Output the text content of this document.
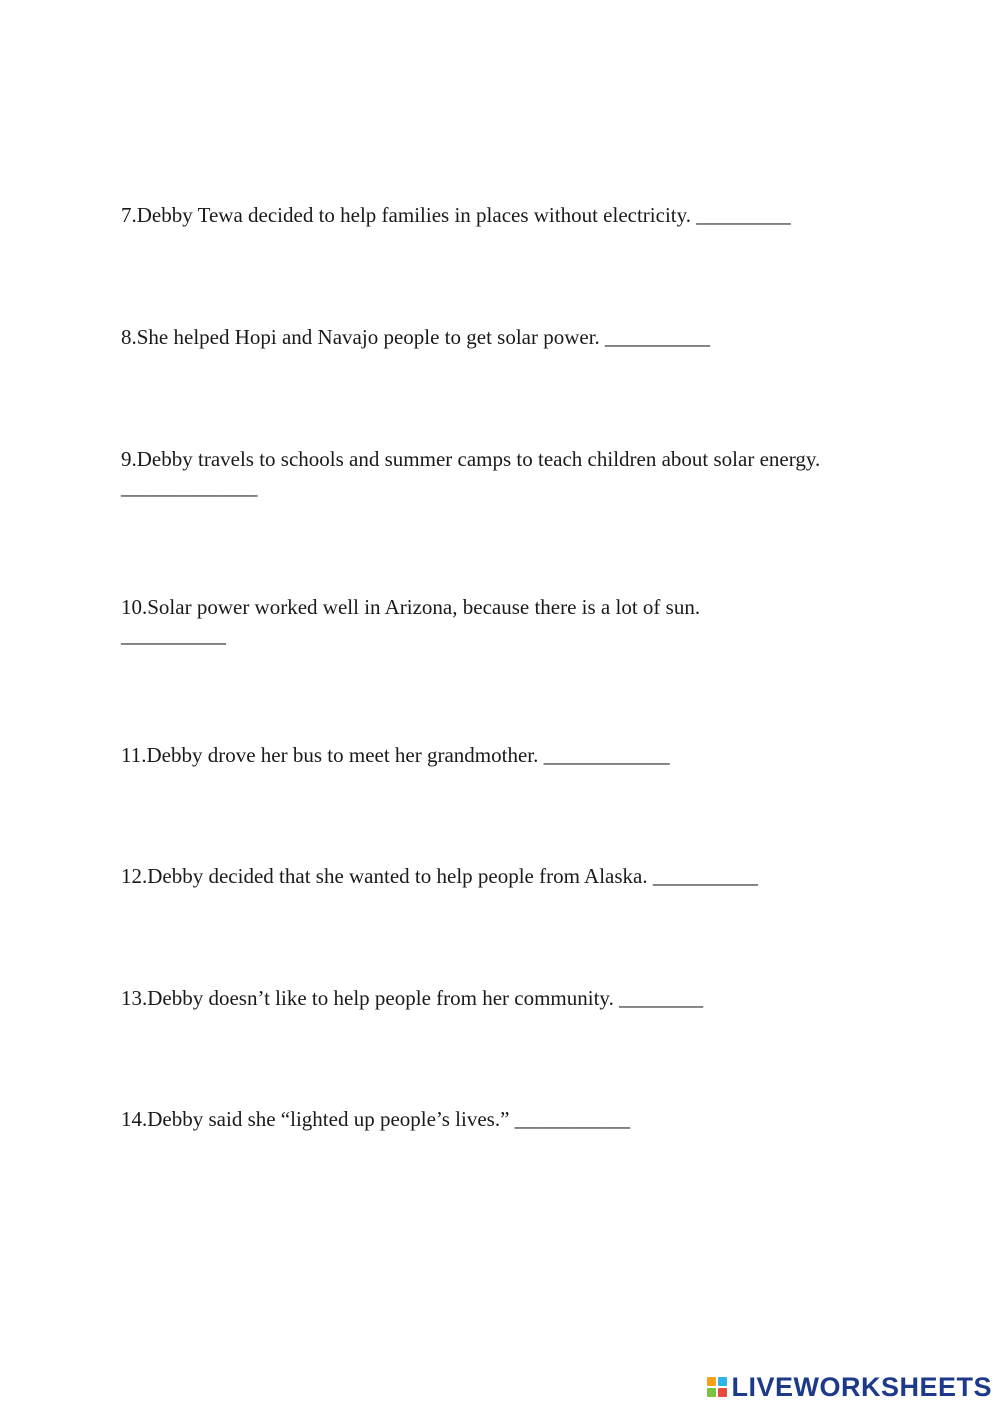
7.Debby Tewa decided to help families in places without electricity. _________

8.She helped Hopi and Navajo people to get solar power. __________

9.Debby travels to schools and summer camps to teach children about solar energy. _____________

10.Solar power worked well in Arizona, because there is a lot of sun.
__________

11.Debby drove her bus to meet her grandmother. ____________

12.Debby decided that she wanted to help people from Alaska. __________

13.Debby doesn’t like to help people from her community. ________

14.Debby said she “lighted up people’s lives.” ___________

LIVEWORKSHEETS
